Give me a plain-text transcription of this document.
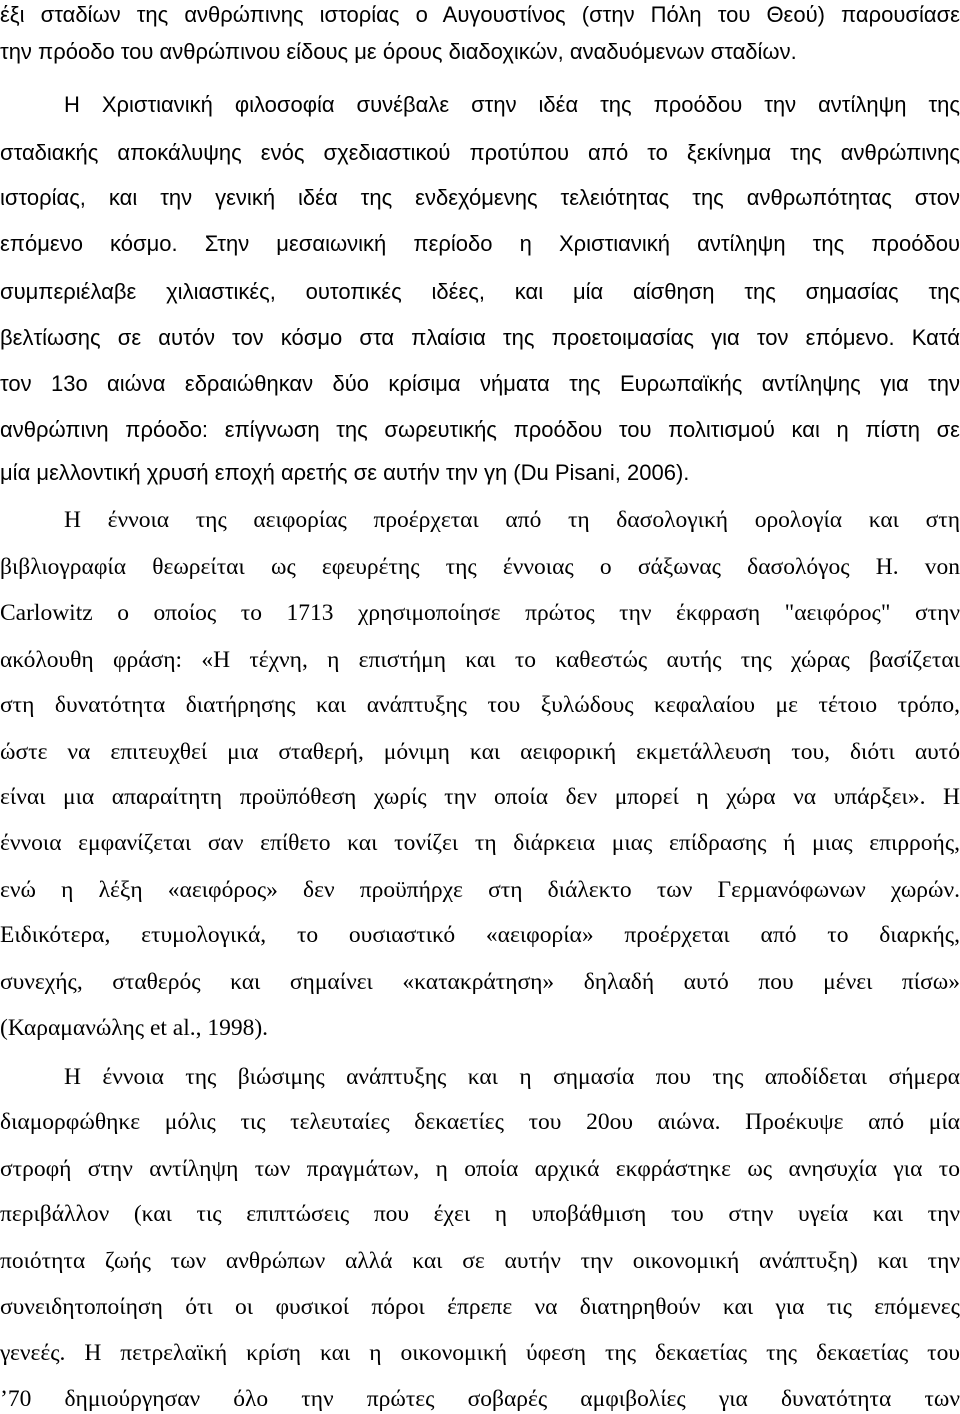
έξι σταδίων της ανθρώπινης ιστορίας ο Αυγουστίνος (στην Πόλη του Θεού) παρουσίασε
την πρόοδο του ανθρώπινου είδους με όρους διαδοχικών, αναδυόμενων σταδίων.
Η Χριστιανική φιλοσοφία συνέβαλε στην ιδέα της προόδου την αντίληψη της
σταδιακής αποκάλυψης ενός σχεδιαστικού προτύπου από το ξεκίνημα της ανθρώπινης
ιστορίας, και την γενική ιδέα της ενδεχόμενης τελειότητας της ανθρωπότητας στον
επόμενο κόσμο. Στην μεσαιωνική περίοδο η Χριστιανική αντίληψη της προόδου
συμπεριέλαβε χιλιαστικές, ουτοπικές ιδέες, και μία αίσθηση της σημασίας της
βελτίωσης σε αυτόν τον κόσμο στα πλαίσια της προετοιμασίας για τον επόμενο. Κατά
τον 13ο αιώνα εδραιώθηκαν δύο κρίσιμα νήματα της Ευρωπαϊκής αντίληψης για την
ανθρώπινη πρόοδο: επίγνωση της σωρευτικής προόδου του πολιτισμού και η πίστη σε
μία μελλοντική χρυσή εποχή αρετής σε αυτήν την γη (Du Pisani, 2006).
Η έννοια της αειφορίας προέρχεται από τη δασολογική ορολογία και στη
βιβλιογραφία θεωρείται ως εφευρέτης της έννοιας ο σάξωνας δασολόγος H. von
Carlowitz ο οποίος το 1713 χρησιμοποίησε πρώτος την έκφραση "αειφόρος" στην
ακόλουθη φράση: «Η τέχνη, η επιστήμη και το καθεστώς αυτής της χώρας βασίζεται
στη δυνατότητα διατήρησης και ανάπτυξης του ξυλώδους κεφαλαίου με τέτοιο τρόπο,
ώστε να επιτευχθεί μια σταθερή, μόνιμη και αειφορική εκμετάλλευση του, διότι αυτό
είναι μια απαραίτητη προϋπόθεση χωρίς την οποία δεν μπορεί η χώρα να υπάρξει». Η
έννοια εμφανίζεται σαν επίθετο και τονίζει τη διάρκεια μιας επίδρασης ή μιας επιρροής,
ενώ η λέξη «αειφόρος» δεν προϋπήρχε στη διάλεκτο των Γερμανόφωνων χωρών.
Ειδικότερα, ετυμολογικά, το ουσιαστικό «αειφορία» προέρχεται από το διαρκής,
συνεχής, σταθερός και σημαίνει «κατακράτηση» δηλαδή αυτό που μένει πίσω»
(Καραμανώλης et al., 1998).
Η έννοια της βιώσιμης ανάπτυξης και η σημασία που της αποδίδεται σήμερα
διαμορφώθηκε μόλις τις τελευταίες δεκαετίες του 20ου αιώνα. Προέκυψε από μία
στροφή στην αντίληψη των πραγμάτων, η οποία αρχικά εκφράστηκε ως ανησυχία για το
περιβάλλον (και τις επιπτώσεις που έχει η υποβάθμιση του στην υγεία και την
ποιότητα ζωής των ανθρώπων αλλά και σε αυτήν την οικονομική ανάπτυξη) και την
συνειδητοποίηση ότι οι φυσικοί πόροι έπρεπε να διατηρηθούν και για τις επόμενες
γενεές. Η πετρελαϊκή κρίση και η οικονομική ύφεση της δεκαετίας της δεκαετίας του
’70 δημιούργησαν όλο την πρώτες σοβαρές αμφιβολίες για δυνατότητα των
